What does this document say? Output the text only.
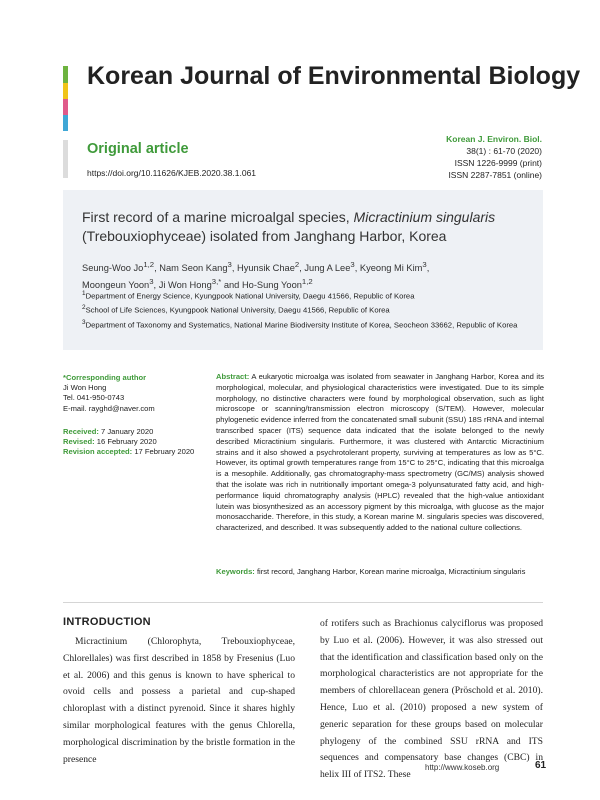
Korean Journal of Environmental Biology
Original article
https://doi.org/10.11626/KJEB.2020.38.1.061
Korean J. Environ. Biol.
38(1) : 61-70 (2020)
ISSN 1226-9999 (print)
ISSN 2287-7851 (online)
First record of a marine microalgal species, Micractinium singularis (Trebouxiophyceae) isolated from Janghang Harbor, Korea
Seung-Woo Jo$^{1,2}$, Nam Seon Kang$^3$, Hyunsik Chae$^2$, Jung A Lee$^3$, Kyeong Mi Kim$^3$,
Moongeun Yoon$^3$, Ji Won Hong$^{3,*}$ and Ho-Sung Yoon$^{1,2}$
$^1$Department of Energy Science, Kyungpook National University, Daegu 41566, Republic of Korea
$^2$School of Life Sciences, Kyungpook National University, Daegu 41566, Republic of Korea
$^3$Department of Taxonomy and Systematics, National Marine Biodiversity Institute of Korea, Seocheon 33662, Republic of Korea
*Corresponding author
Ji Won Hong
Tel. 041-950-0743
E-mail. rayghd@naver.com
Received: 7 January 2020
Revised: 16 February 2020
Revision accepted: 17 February 2020
Abstract: A eukaryotic microalga was isolated from seawater in Janghang Harbor, Korea and its morphological, molecular, and physiological characteristics were investigated. Due to its simple morphology, no distinctive characters were found by morphological observation, such as light microscope or scanning/transmission electron microscopy (S/TEM). However, molecular phylogenetic evidence inferred from the concatenated small subunit (SSU) 18S rRNA and internal transcribed spacer (ITS) sequence data indicated that the isolate belonged to the newly described Micractinium singularis. Furthermore, it was clustered with Antarctic Micractinium strains and it also showed a psychrotolerant property, surviving at temperatures as low as 5°C. However, its optimal growth temperatures range from 15°C to 25°C, indicating that this microalga is a mesophile. Additionally, gas chromatography-mass spectrometry (GC/MS) analysis showed that the isolate was rich in nutritionally important omega-3 polyunsaturated fatty acid, and high-performance liquid chromatography analysis (HPLC) revealed that the high-value antioxidant lutein was biosynthesized as an accessory pigment by this microalga, with glucose as the major monosaccharide. Therefore, in this study, a Korean marine M. singularis species was discovered, characterized, and described. It was subsequently added to the national culture collections.
Keywords: first record, Janghang Harbor, Korean marine microalga, Micractinium singularis
INTRODUCTION

Micractinium (Chlorophyta, Trebouxiophyceae, Chlorellales) was first described in 1858 by Fresenius (Luo et al. 2006) and this genus is known to have spherical to ovoid cells and possess a parietal and cup-shaped chloroplast with a distinct pyrenoid. Since it shares highly similar morphological features with the genus Chlorella, morphological discrimination by the bristle formation in the presence

of rotifers such as Brachionus calyciflorus was proposed by Luo et al. (2006). However, it was also stressed out that the identification and classification based only on the morphological characteristics are not appropriate for the members of chlorellacean genera (Pröschold et al. 2010). Hence, Luo et al. (2010) proposed a new system of generic separation for these groups based on molecular phylogeny of the combined SSU rRNA and ITS sequences and compensatory base changes (CBC) in helix III of ITS2. These

http://www.koseb.org	61
